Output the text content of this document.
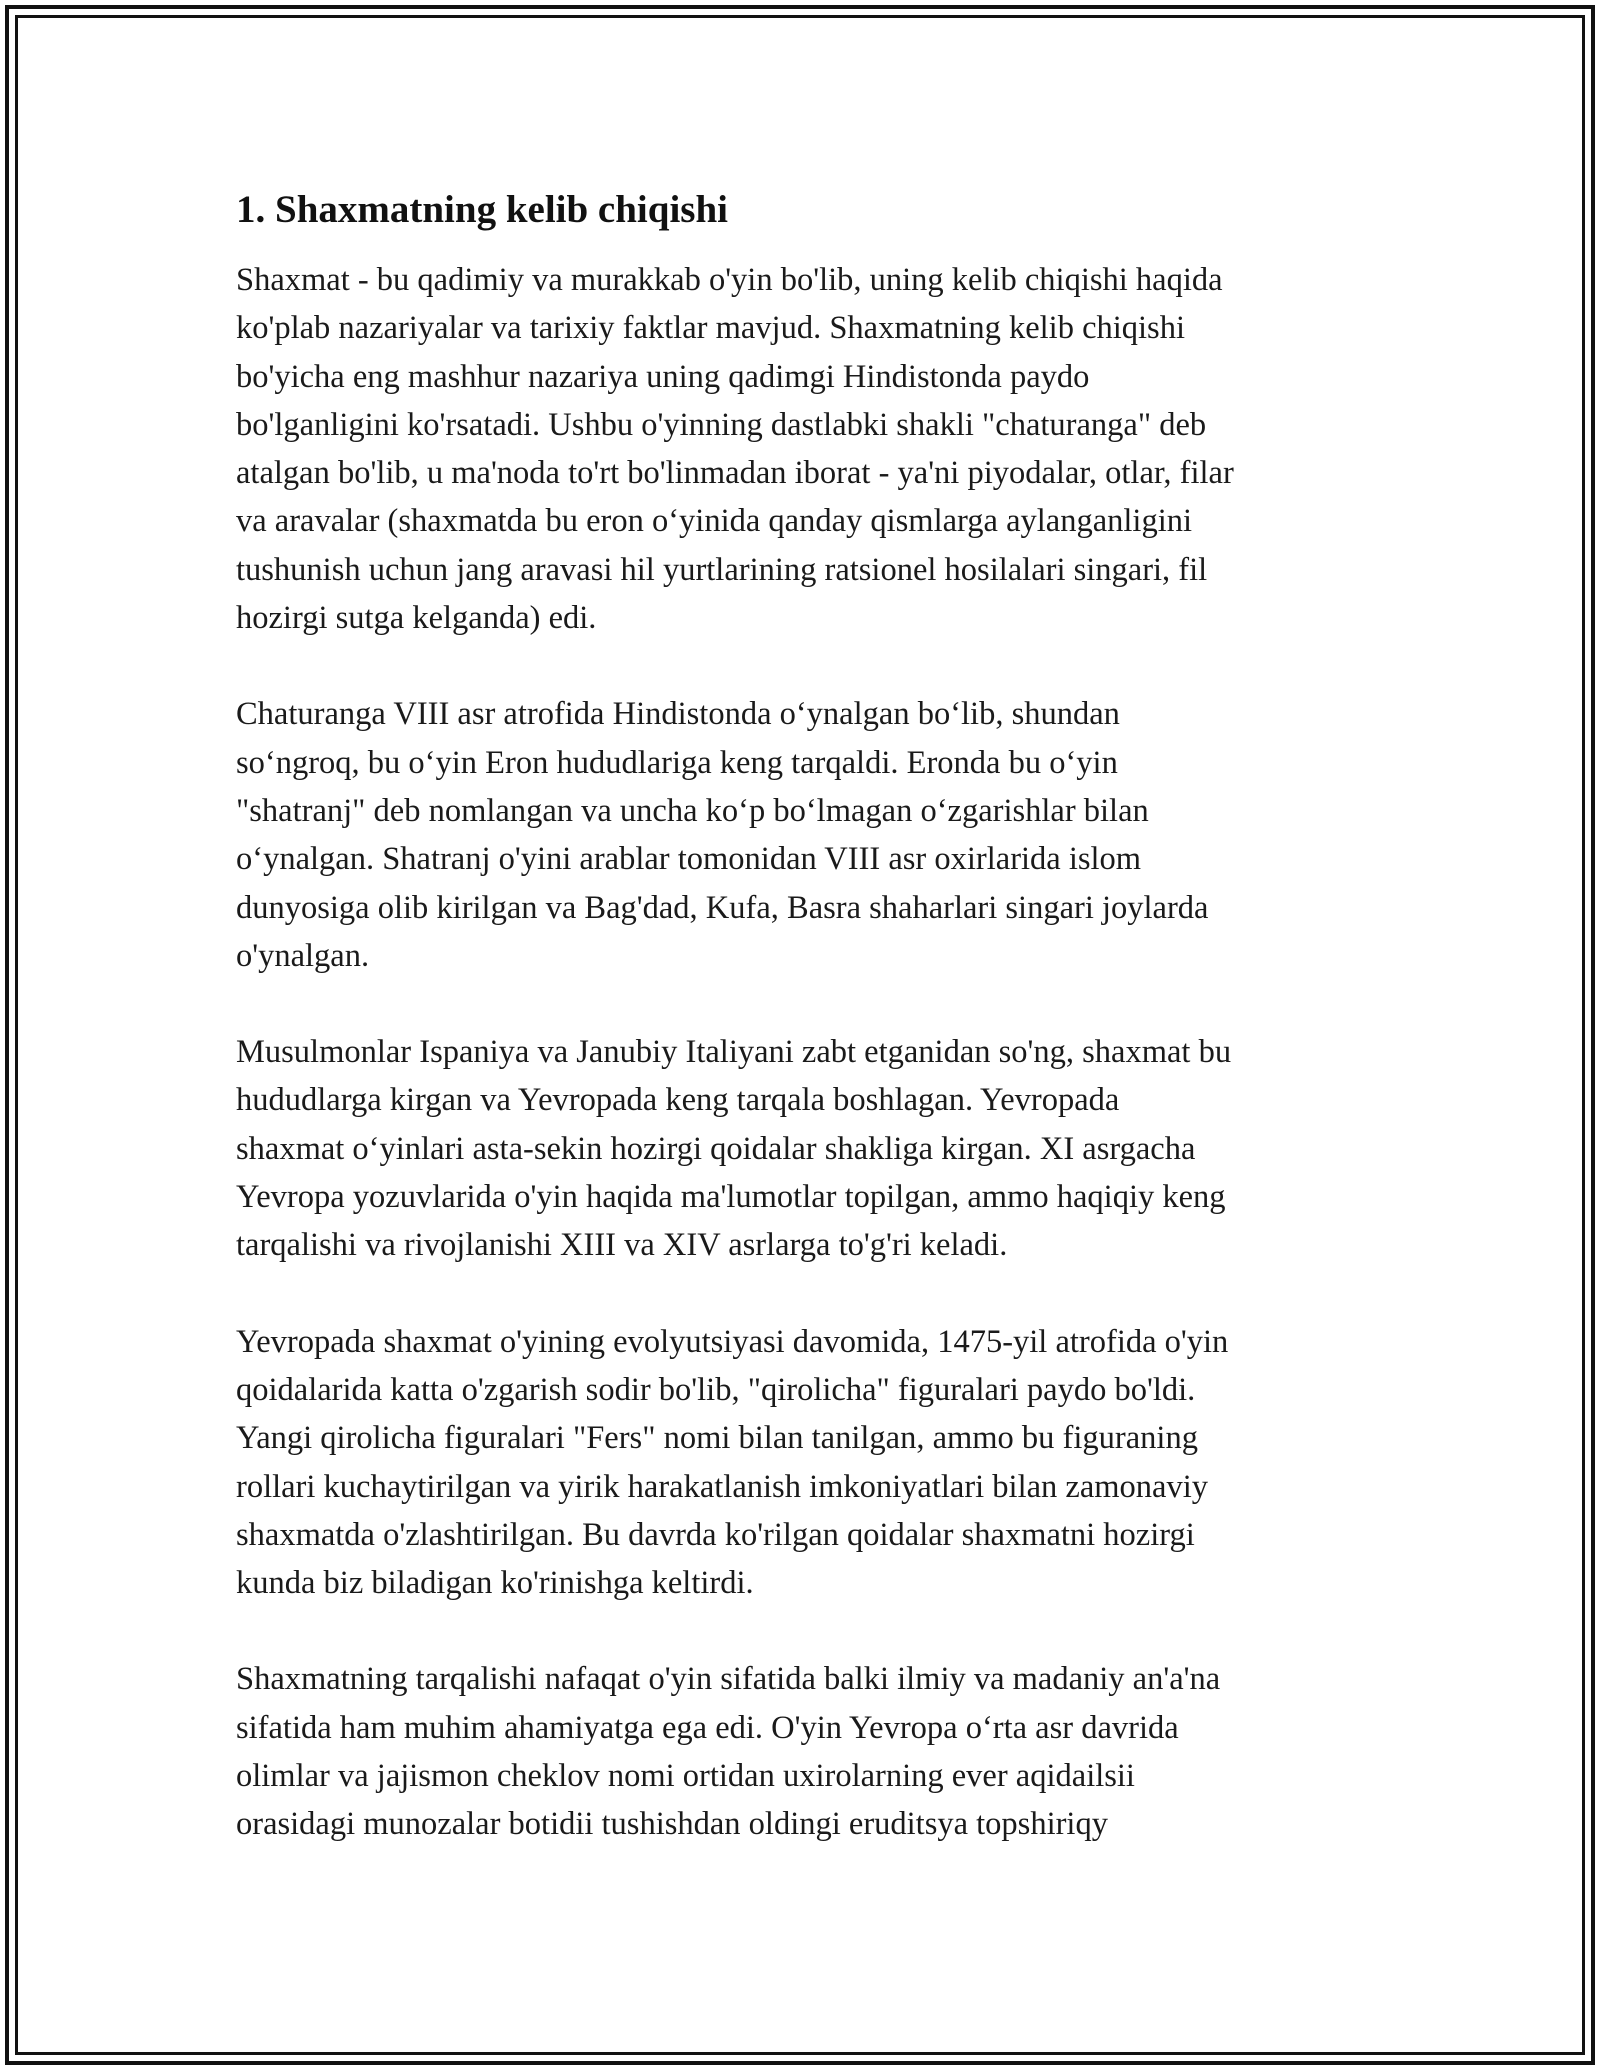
1. Shaxmatning kelib chiqishi

Shaxmat - bu qadimiy va murakkab o'yin bo'lib, uning kelib chiqishi haqida
ko'plab nazariyalar va tarixiy faktlar mavjud. Shaxmatning kelib chiqishi
bo'yicha eng mashhur nazariya uning qadimgi Hindistonda paydo
bo'lganligini ko'rsatadi. Ushbu o'yinning dastlabki shakli "chaturanga" deb
atalgan bo'lib, u ma'noda to'rt bo'linmadan iborat - ya'ni piyodalar, otlar, filar
va aravalar (shaxmatda bu eron o‘yinida qanday qismlarga aylanganligini
tushunish uchun jang aravasi hil yurtlarining ratsionel hosilalari singari, fil
hozirgi sutga kelganda) edi.

Chaturanga VIII asr atrofida Hindistonda o‘ynalgan bo‘lib, shundan
so‘ngroq, bu o‘yin Eron hududlariga keng tarqaldi. Eronda bu o‘yin
"shatranj" deb nomlangan va uncha ko‘p bo‘lmagan o‘zgarishlar bilan
o‘ynalgan. Shatranj o'yini arablar tomonidan VIII asr oxirlarida islom
dunyosiga olib kirilgan va Bag'dad, Kufa, Basra shaharlari singari joylarda
o'ynalgan.

Musulmonlar Ispaniya va Janubiy Italiyani zabt etganidan so'ng, shaxmat bu
hududlarga kirgan va Yevropada keng tarqala boshlagan. Yevropada
shaxmat o‘yinlari asta-sekin hozirgi qoidalar shakliga kirgan. XI asrgacha
Yevropa yozuvlarida o'yin haqida ma'lumotlar topilgan, ammo haqiqiy keng
tarqalishi va rivojlanishi XIII va XIV asrlarga to'g'ri keladi.

Yevropada shaxmat o'yining evolyutsiyasi davomida, 1475-yil atrofida o'yin
qoidalarida katta o'zgarish sodir bo'lib, "qirolicha" figuralari paydo bo'ldi.
Yangi qirolicha figuralari "Fers" nomi bilan tanilgan, ammo bu figuraning
rollari kuchaytirilgan va yirik harakatlanish imkoniyatlari bilan zamonaviy
shaxmatda o'zlashtirilgan. Bu davrda ko'rilgan qoidalar shaxmatni hozirgi
kunda biz biladigan ko'rinishga keltirdi.

Shaxmatning tarqalishi nafaqat o'yin sifatida balki ilmiy va madaniy an'a'na
sifatida ham muhim ahamiyatga ega edi. O'yin Yevropa o‘rta asr davrida
olimlar va jajismon cheklov nomi ortidan uxirolarning ever aqidailsii
orasidagi munozalar botidii tushishdan oldingi eruditsya topshiriqy
